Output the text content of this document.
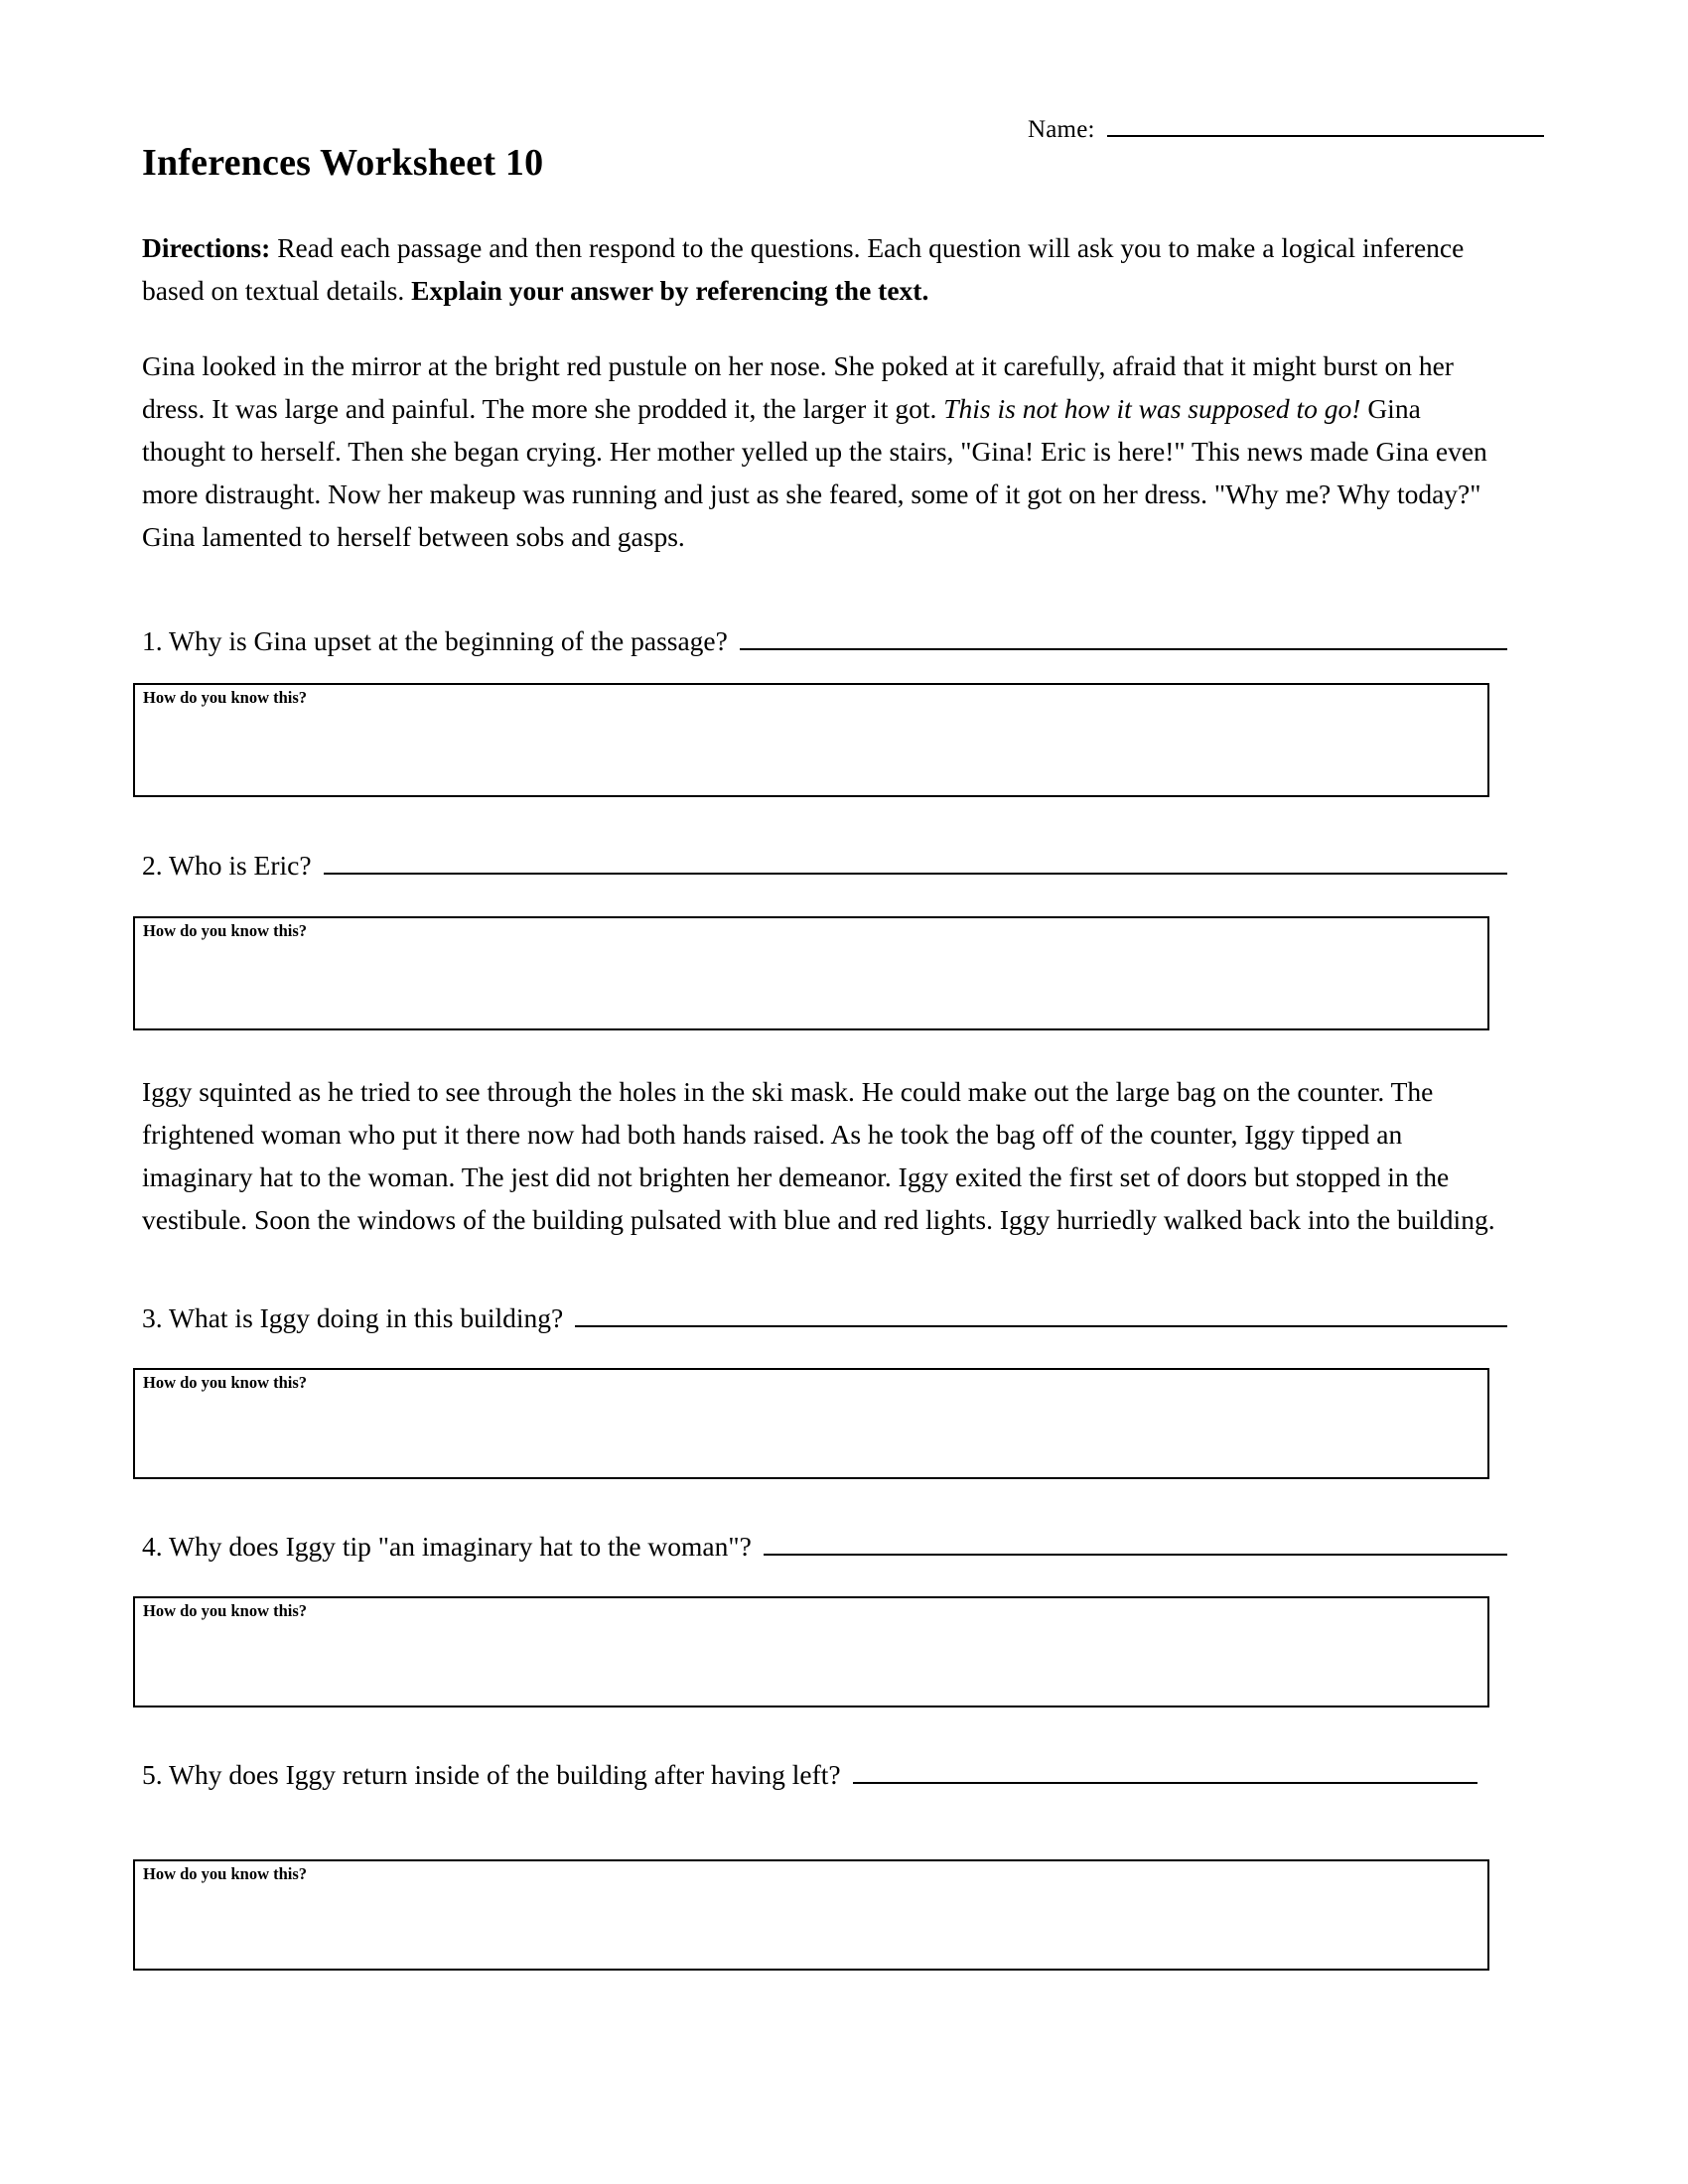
Name:
Inferences Worksheet 10
Directions: Read each passage and then respond to the questions. Each question will ask you to make a logical inference based on textual details. Explain your answer by referencing the text.
Gina looked in the mirror at the bright red pustule on her nose. She poked at it carefully, afraid that it might burst on her dress. It was large and painful. The more she prodded it, the larger it got. This is not how it was supposed to go! Gina thought to herself. Then she began crying. Her mother yelled up the stairs, "Gina! Eric is here!" This news made Gina even more distraught. Now her makeup was running and just as she feared, some of it got on her dress. "Why me? Why today?" Gina lamented to herself between sobs and gasps.
1. Why is Gina upset at the beginning of the passage?
How do you know this?
2. Who is Eric?
How do you know this?
Iggy squinted as he tried to see through the holes in the ski mask. He could make out the large bag on the counter. The frightened woman who put it there now had both hands raised. As he took the bag off of the counter, Iggy tipped an imaginary hat to the woman. The jest did not brighten her demeanor. Iggy exited the first set of doors but stopped in the vestibule. Soon the windows of the building pulsated with blue and red lights. Iggy hurriedly walked back into the building.
3. What is Iggy doing in this building?
How do you know this?
4. Why does Iggy tip "an imaginary hat to the woman"?
How do you know this?
5. Why does Iggy return inside of the building after having left?
How do you know this?
